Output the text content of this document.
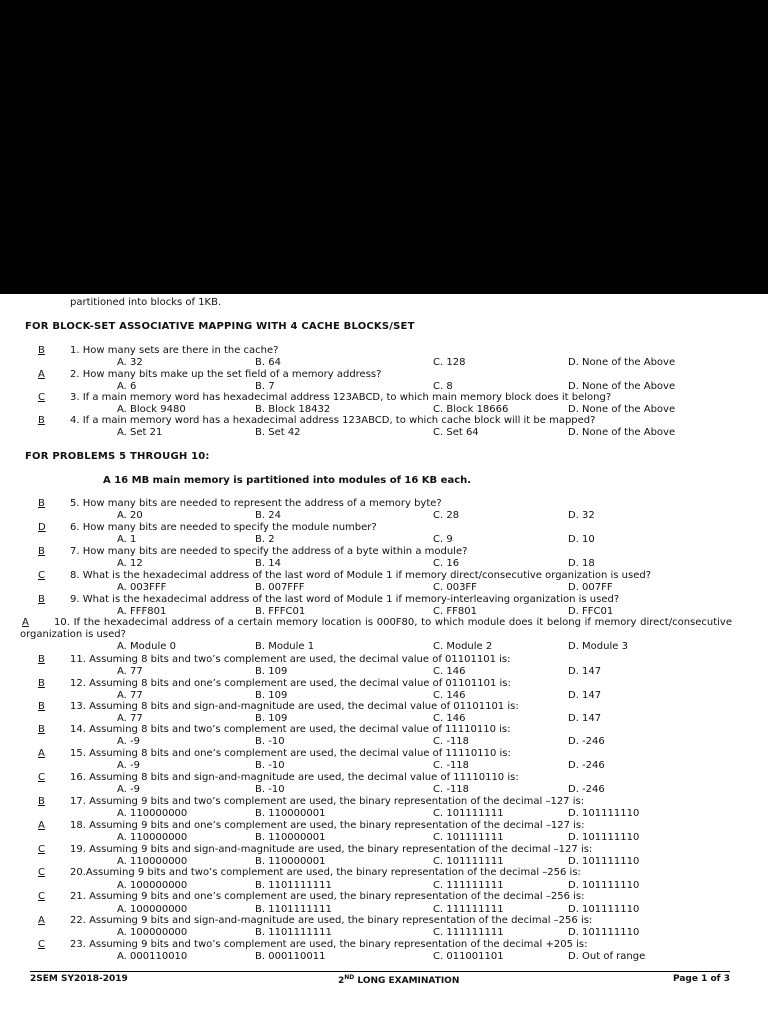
partitioned into blocks of 1KB.
FOR BLOCK-SET ASSOCIATIVE MAPPING WITH 4 CACHE BLOCKS/SET
B	1. How many sets are there in the cache?
A. 32	B. 64	C. 128	D. None of the Above
A	2. How many bits make up the set field of a memory address?
A. 6	B. 7	C. 8	D. None of the Above
C	3. If a main memory word has hexadecimal address 123ABCD, to which main memory block does it belong?
A. Block 9480	B. Block 18432	C. Block 18666	D. None of the Above
B	4. If a main memory word has a hexadecimal address 123ABCD, to which cache block will it be mapped?
A. Set 21	B. Set 42	C. Set 64	D. None of the Above
B	5. How many bits are needed to represent the address of a memory byte?
A. 20	B. 24	C. 28	D. 32
D 6. How many bits are needed to specify the module number?
A. 1	B. 2	C. 9	D. 10
B	7. How many bits are needed to specify the address of a byte within a module?
A. 12	B. 14	C. 16	D. 18
C	8. What is the hexadecimal address of the last word of Module 1 if memory direct/consecutive organization is used?
A. 003FFF	B. 007FFF	C. 003FF	D. 007FF
B	9. What is the hexadecimal address of the last word of Module 1 if memory-interleaving organization is used?
A. FFF801	B. FFFC01	C. FF801	D. FFC01
A	10. If the hexadecimal address of a certain memory location is 000F80, to which module does it belong if memory direct/consecutive organization is used?
A. Module 0	B. Module 1	C. Module 2	D. Module 3
B	11. Assuming 8 bits and two’s complement are used, the decimal value of 01101101 is:
A. 77	B. 109	C. 146	D. 147
B	12. Assuming 8 bits and one’s complement are used, the decimal value of 01101101 is:
A. 77	B. 109	C. 146	D. 147
B	13. Assuming 8 bits and sign-and-magnitude are used, the decimal value of 01101101 is:
A. 77	B. 109	C. 146	D. 147
B	14. Assuming 8 bits and two’s complement are used, the decimal value of 11110110 is:
A. -9	B. -10	C. -118	D. -246
A	15. Assuming 8 bits and one’s complement are used, the decimal value of 11110110 is:
A. -9	B. -10	C. -118	D. -246
C	16. Assuming 8 bits and sign-and-magnitude are used, the decimal value of 11110110 is:
A. -9	B. -10	C. -118	D. -246
B	17. Assuming 9 bits and two’s complement are used, the binary representation of the decimal –127 is:
A. 110000000	B. 110000001	C. 101111111	D. 101111110
A	18. Assuming 9 bits and one’s complement are used, the binary representation of the decimal –127 is:
A. 110000000	B. 110000001	C. 101111111	D. 101111110
C	19. Assuming 9 bits and sign-and-magnitude are used, the binary representation of the decimal –127 is:
A. 110000000	B. 110000001	C. 101111111	D. 101111110
C	20.Assuming 9 bits and two’s complement are used, the binary representation of the decimal –256 is:
A. 100000000	B. 1101111111	C. 111111111	D. 101111110
C	21. Assuming 9 bits and one’s complement are used, the binary representation of the decimal –256 is:
A. 100000000	B. 1101111111	C. 111111111	D. 101111110
A	22. Assuming 9 bits and sign-and-magnitude are used, the binary representation of the decimal –256 is:
A. 100000000	B. 1101111111	C. 111111111	D. 101111110
C	23. Assuming 9 bits and two’s complement are used, the binary representation of the decimal +205 is:
A. 000110010	B. 000110011	C. 011001101	D. Out of range
FOR PROBLEMS 5 THROUGH 10:
A 16 MB main memory is partitioned into modules of 16 KB each.
2SEM SY2018-2019	2ND LONG EXAMINATION	Page 1 of 3
